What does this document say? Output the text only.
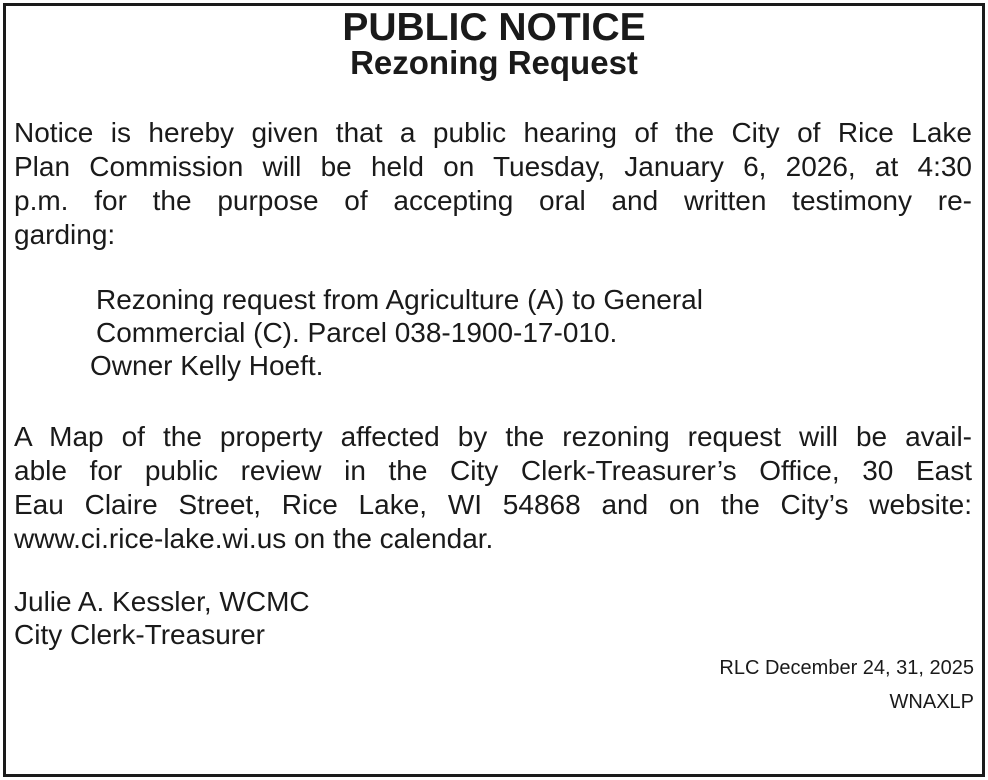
PUBLIC NOTICE
Rezoning Request

Notice is hereby given that a public hearing of the City of Rice Lake
Plan Commission will be held on Tuesday, January 6, 2026, at 4:30
p.m. for the purpose of accepting oral and written testimony re-
garding:

Rezoning request from Agriculture (A) to General

Commercial (C). Parcel 038-1900-17-010.

Owner Kelly Hoeft.

A Map of the property affected by the rezoning request will be avail-
able for public review in the City Clerk-Treasurer’s Office, 30 East
Eau Claire Street, Rice Lake, WI 54868 and on the City’s website:
www.ci.rice-lake.wi.us on the calendar.

Julie A. Kessler, WCMC

City Clerk-Treasurer

RLC December 24, 31, 2025

WNAXLP
